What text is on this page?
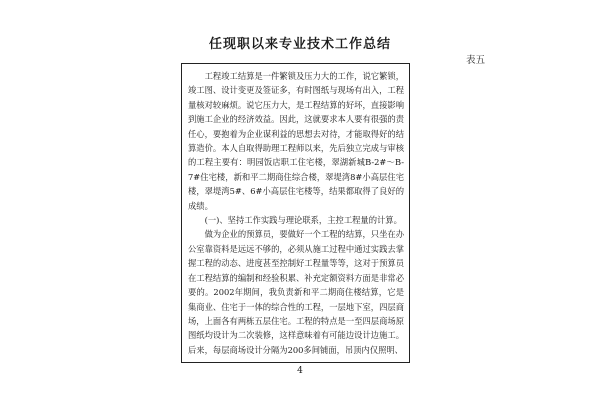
任现职以来专业技术工作总结
表五

工程竣工结算是一件繁锁及压力大的工作，说它繁锁，竣工图、设计变更及签证多，有时图纸与现场有出入，工程量核对较麻烦。说它压力大，是工程结算的好坏，直接影响到施工企业的经济效益。因此，这就要求本人要有很强的责任心，要抱着为企业谋利益的思想去对待，才能取得好的结算造价。本人自取得助理工程师以来，先后独立完成与审核的工程主要有：明园饭店职工住宅楼，翠湖新城B-2#～B-7#住宅楼，新和平二期商住综合楼，翠堤湾8#小高层住宅楼，翠堤湾5#、6#小高层住宅楼等，结果都取得了良好的成绩。

(一)、坚持工作实践与理论联系，主控工程量的计算。

做为企业的预算员，要做好一个工程的结算，只坐在办公室靠资料是远远不够的，必须从施工过程中通过实践去掌握工程的动态、进度甚至控制好工程量等等，这对于预算员在工程结算的编制和经验积累、补充定额资料方面是非常必要的。2002年期间，我负责新和平二期商住楼结算，它是集商业、住宅于一体的综合性的工程，一层地下室，四层商场，上面各有两栋五层住宅。工程的特点是一至四层商场原图纸均设计为二次装修，这样意味着有可能边设计边施工。后来，每层商场设计分隔为200多间铺面，吊顶内仅照明、

4
